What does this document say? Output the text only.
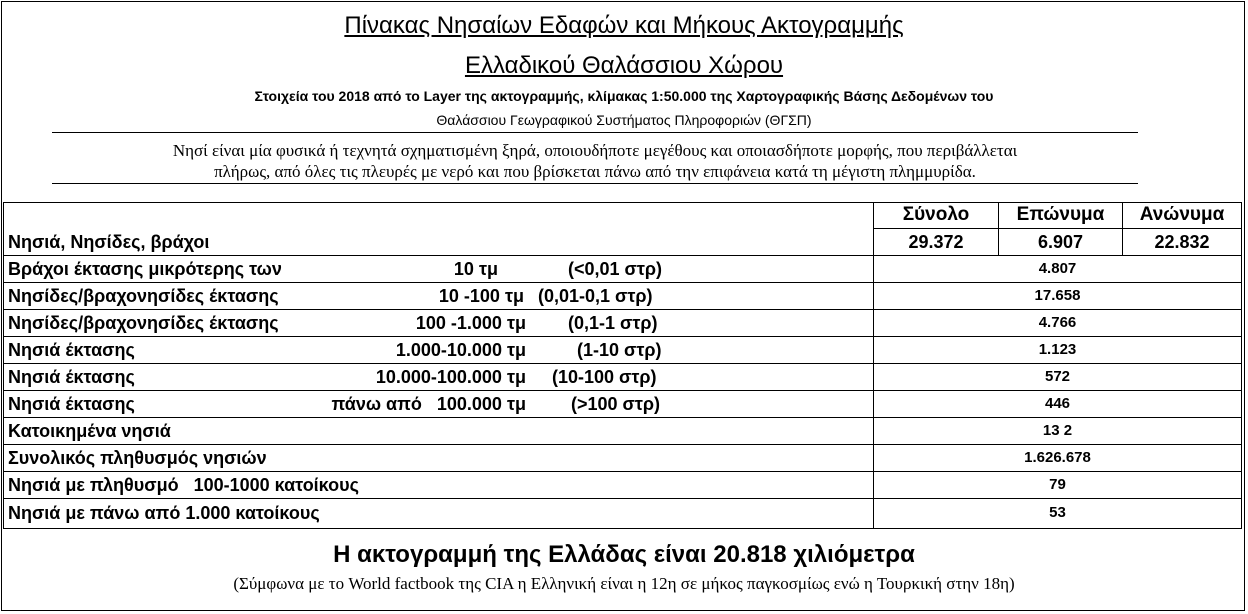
Πίνακας Νησαίων Εδαφών και Μήκους Ακτογραμμής
Ελλαδικού Θαλάσσιου Χώρου
Στοιχεία του 2018 από το Layer της ακτογραμμής, κλίμακας 1:50.000 της Χαρτογραφικής Βάσης Δεδομένων του
Θαλάσσιου Γεωγραφικού Συστήματος Πληροφοριών (ΘΓΣΠ)
Νησί είναι μία φυσικά ή τεχνητά σχηματισμένη ξηρά, οποιουδήποτε μεγέθους και οποιασδήποτε μορφής, που περιβάλλεται
πλήρως, από όλες τις πλευρές με νερό και που βρίσκεται πάνω από την επιφάνεια κατά τη μέγιστη πλημμυρίδα.
Σύνολο	Επώνυμα	Ανώνυμα
Νησιά, Νησίδες, βράχοι	29.372	6.907	22.832
Βράχοι έκτασης μικρότερης των	10 τμ	(<0,01 στρ)	4.807
Νησίδες/βραχονησίδες έκτασης	10 -100 τμ (0,01-0,1 στρ)	17.658
Νησίδες/βραχονησίδες έκτασης	100 -1.000 τμ (0,1-1 στρ)	4.766
Νησιά έκτασης	1.000-10.000 τμ	(1-10 στρ)	1.123
Νησιά έκτασης	10.000-100.000 τμ (10-100 στρ)	572
Νησιά έκτασης	πάνω από   100.000 τμ	(>100 στρ)	446
Κατοικημένα νησιά	13 2
Συνολικός πληθυσμός νησιών	1.626.678
Νησιά με πληθυσμό   100-1000 κατοίκους	79
Νησιά με πάνω από 1.000 κατοίκους	53
Η ακτογραμμή της Ελλάδας είναι 20.818 χιλιόμετρα
(Σύμφωνα με το World factbook της CIA η Ελληνική είναι η 12η σε μήκος παγκοσμίως ενώ η Τουρκική στην 18η)
